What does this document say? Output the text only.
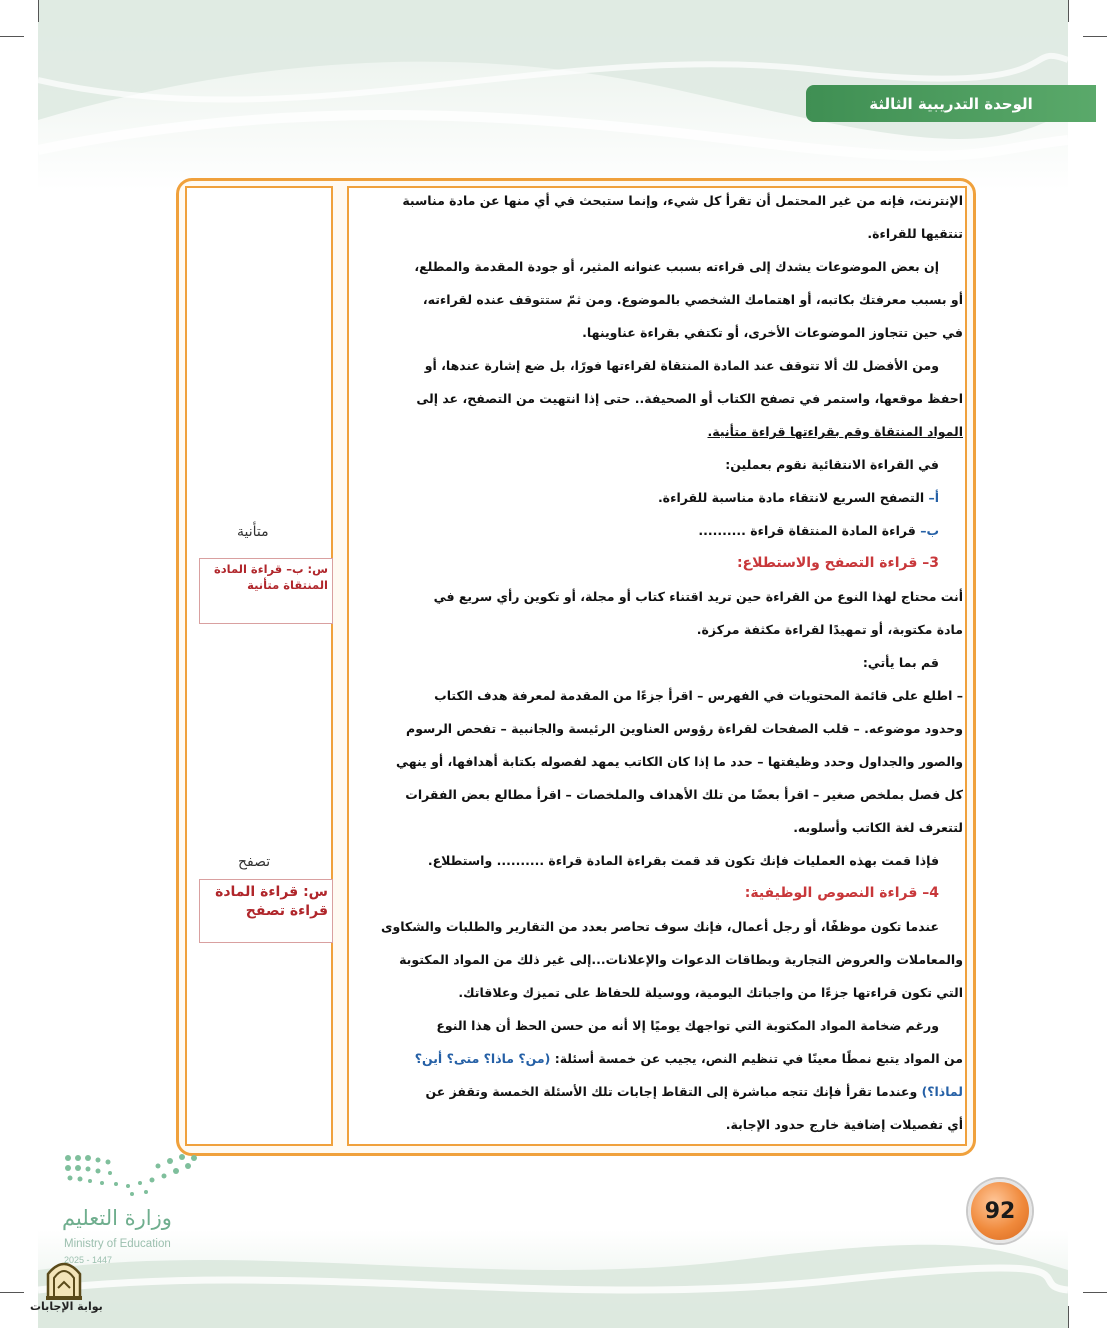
الوحدة التدريبية الثالثة
متأنية
س: ب– قراءة المادة المنتقاة متأنية
تصفح
س: قراءة المادة قراءة تصفح
الإنترنت، فإنه من غير المحتمل أن تقرأ كل شيء، وإنما ستبحث في أي منها عن مادة مناسبة
تنتقيها للقراءة.
إن بعض الموضوعات يشدك إلى قراءته بسبب عنوانه المثير، أو جودة المقدمة والمطلع،
أو بسبب معرفتك بكاتبه، أو اهتمامك الشخصي بالموضوع. ومن ثمّ ستتوقف عنده لقراءته،
في حين تتجاوز الموضوعات الأخرى، أو تكتفي بقراءة عناوينها.
ومن الأفضل لك ألا تتوقف عند المادة المنتقاة لقراءتها فورًا، بل ضع إشارة عندها، أو
احفظ موقعها، واستمر في تصفح الكتاب أو الصحيفة.. حتى إذا انتهيت من التصفح، عد إلى
المواد المنتقاة وقم بقراءتها قراءة متأنية.
في القراءة الانتقائية نقوم بعملين:
أ– التصفح السريع لانتقاء مادة مناسبة للقراءة.
ب– قراءة المادة المنتقاة قراءة ..........
3– قراءة التصفح والاستطلاع:
أنت محتاج لهذا النوع من القراءة حين تريد اقتناء كتاب أو مجلة، أو تكوين رأي سريع في
مادة مكتوبة، أو تمهيدًا لقراءة مكثفة مركزة.
قم بما يأتي:
– اطلع على قائمة المحتويات في الفهرس – اقرأ جزءًا من المقدمة لمعرفة هدف الكتاب
وحدود موضوعه. – قلب الصفحات لقراءة رؤوس العناوين الرئيسة والجانبية – تفحص الرسوم
والصور والجداول وحدد وظيفتها – حدد ما إذا كان الكاتب يمهد لفصوله بكتابة أهدافها، أو ينهي
كل فصل بملخص صغير – اقرأ بعضًا من تلك الأهداف والملخصات – اقرأ مطالع بعض الفقرات
لتتعرف لغة الكاتب وأسلوبه.
فإذا قمت بهذه العمليات فإنك تكون قد قمت بقراءة المادة قراءة .......... واستطلاع.
4– قراءة النصوص الوظيفية:
عندما تكون موظفًا، أو رجل أعمال، فإنك سوف تحاصر بعدد من التقارير والطلبات والشكاوى
والمعاملات والعروض التجارية وبطاقات الدعوات والإعلانات...إلى غير ذلك من المواد المكتوبة
التي تكون قراءتها جزءًا من واجباتك اليومية، ووسيلة للحفاظ على تميزك وعلاقاتك.
ورغم ضخامة المواد المكتوبة التي تواجهك يوميًا إلا أنه من حسن الحظ أن هذا النوع
من المواد يتبع نمطًا معينًا في تنظيم النص، يجيب عن خمسة أسئلة: (من؟ ماذا؟ متى؟ أين؟
لماذا؟) وعندما تقرأ فإنك تتجه مباشرة إلى التقاط إجابات تلك الأسئلة الخمسة وتقفز عن
أي تفصيلات إضافية خارج حدود الإجابة.
92
وزارة التعليم
Ministry of Education
2025 - 1447
بوابة الإجابات
